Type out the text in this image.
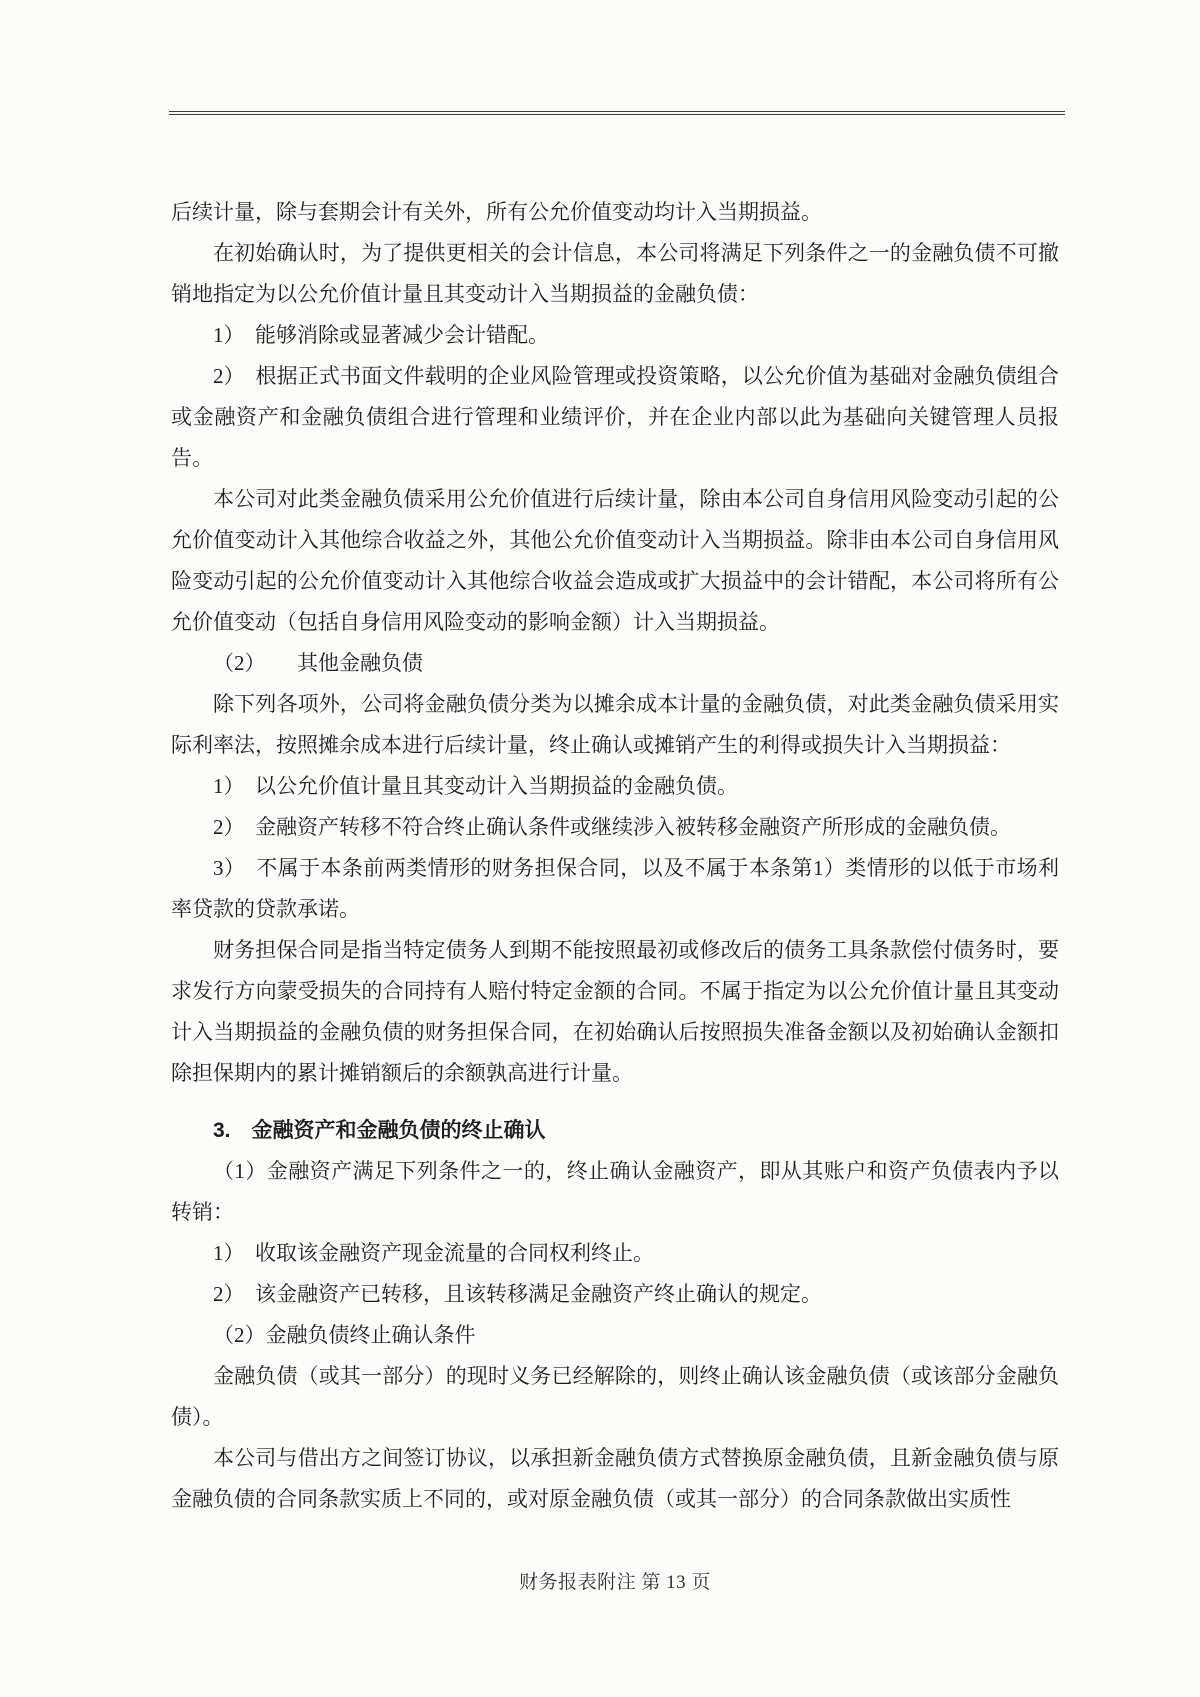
后续计量，除与套期会计有关外，所有公允价值变动均计入当期损益。

在初始确认时，为了提供更相关的会计信息，本公司将满足下列条件之一的金融负债不可撤销地指定为以公允价值计量且其变动计入当期损益的金融负债：

1）　能够消除或显著减少会计错配。

2）　根据正式书面文件载明的企业风险管理或投资策略，以公允价值为基础对金融负债组合或金融资产和金融负债组合进行管理和业绩评价，并在企业内部以此为基础向关键管理人员报告。

本公司对此类金融负债采用公允价值进行后续计量，除由本公司自身信用风险变动引起的公允价值变动计入其他综合收益之外，其他公允价值变动计入当期损益。除非由本公司自身信用风险变动引起的公允价值变动计入其他综合收益会造成或扩大损益中的会计错配，本公司将所有公允价值变动（包括自身信用风险变动的影响金额）计入当期损益。

（2）　　其他金融负债

除下列各项外，公司将金融负债分类为以摊余成本计量的金融负债，对此类金融负债采用实际利率法，按照摊余成本进行后续计量，终止确认或摊销产生的利得或损失计入当期损益：

1）　以公允价值计量且其变动计入当期损益的金融负债。

2）　金融资产转移不符合终止确认条件或继续涉入被转移金融资产所形成的金融负债。

3）　不属于本条前两类情形的财务担保合同，以及不属于本条第1）类情形的以低于市场利率贷款的贷款承诺。

财务担保合同是指当特定债务人到期不能按照最初或修改后的债务工具条款偿付债务时，要求发行方向蒙受损失的合同持有人赔付特定金额的合同。不属于指定为以公允价值计量且其变动计入当期损益的金融负债的财务担保合同，在初始确认后按照损失准备金额以及初始确认金额扣除担保期内的累计摊销额后的余额孰高进行计量。

3.　金融资产和金融负债的终止确认

（1）金融资产满足下列条件之一的，终止确认金融资产，即从其账户和资产负债表内予以转销：

1）　收取该金融资产现金流量的合同权利终止。

2）　该金融资产已转移，且该转移满足金融资产终止确认的规定。

（2）金融负债终止确认条件

金融负债（或其一部分）的现时义务已经解除的，则终止确认该金融负债（或该部分金融负债）。

本公司与借出方之间签订协议，以承担新金融负债方式替换原金融负债，且新金融负债与原金融负债的合同条款实质上不同的，或对原金融负债（或其一部分）的合同条款做出实质性

财务报表附注 第 13 页
